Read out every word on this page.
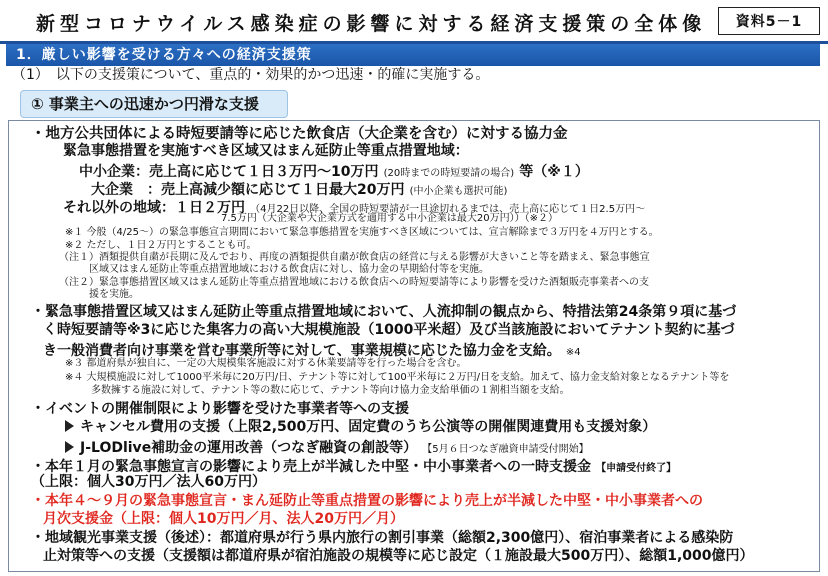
新型コロナウイルス感染症の影響に対する経済支援策の全体像	資料5－1
1．厳しい影響を受ける方々への経済支援策
（1）　以下の支援策について、重点的・効果的かつ迅速・的確に実施する。
① 事業主への迅速かつ円滑な支援
・地方公共団体による時短要請等に応じた飲食店（大企業を含む）に対する協力金
緊急事態措置を実施すべき区域又はまん延防止等重点措置地域：
中小企業：売上高に応じて１日３万円～10万円 (20時までの時短要請の場合) 等（※１）
大企業　：売上高減少額に応じて１日最大20万円 (中小企業も選択可能)
それ以外の地域：１日２万円 （4月22日以降、全国の時短要請が一旦途切れるまでは、売上高に応じて１日2.5万円～
7.5万円（大企業や大企業方式を適用する中小企業は最大20万円））（※２）
※１ 今般（4/25～）の緊急事態宣言期間において緊急事態措置を実施すべき区域については、宣言解除まで３万円を４万円とする。
※２ ただし、１日２万円とすることも可。
（注１）酒類提供自粛が長期に及んでおり、再度の酒類提供自粛が飲食店の経営に与える影響が大きいこと等を踏まえ、緊急事態宣
区域又はまん延防止等重点措置地域における飲食店に対し、協力金の早期給付等を実施。
（注２）緊急事態措置区域又はまん延防止等重点措置地域における飲食店への時短要請等により影響を受けた酒類販売事業者への支
援を実施。
・緊急事態措置区域又はまん延防止等重点措置地域において、人流抑制の観点から、特措法第24条第９項に基づ
く時短要請等※3に応じた集客力の高い大規模施設（1000平米超）及び当該施設においてテナント契約に基づ
き一般消費者向け事業を営む事業所等に対して、事業規模に応じた協力金を支給。 ※4
※３ 都道府県が独自に、一定の大規模集客施設に対する休業要請等を行った場合を含む。
※４ 大規模施設に対して1000平米毎に20万円/日、テナント等に対して100平米毎に２万円/日を支給。加えて、協力金支給対象となるテナント等を
多数擁する施設に対して、テナント等の数に応じて、テナント等向け協力金支給単価の１割相当額を支給。
・イベントの開催制限により影響を受けた事業者等への支援
キャンセル費用の支援（上限2,500万円、固定費のうち公演等の開催関連費用も支援対象）
J-LODlive補助金の運用改善（つなぎ融資の創設等） 【5月６日つなぎ融資申請受付開始】
・本年１月の緊急事態宣言の影響により売上が半減した中堅・中小事業者への一時支援金 【申請受付終了】
（上限：個人30万円／法人60万円）
・本年４～９月の緊急事態宣言・まん延防止等重点措置の影響により売上が半減した中堅・中小事業者への
月次支援金（上限：個人10万円／月、法人20万円／月）
・地域観光事業支援（後述）：都道府県が行う県内旅行の割引事業（総額2,300億円）、宿泊事業者による感染防
止対策等への支援（支援額は都道府県が宿泊施設の規模等に応じ設定（１施設最大500万円）、総額1,000億円）
